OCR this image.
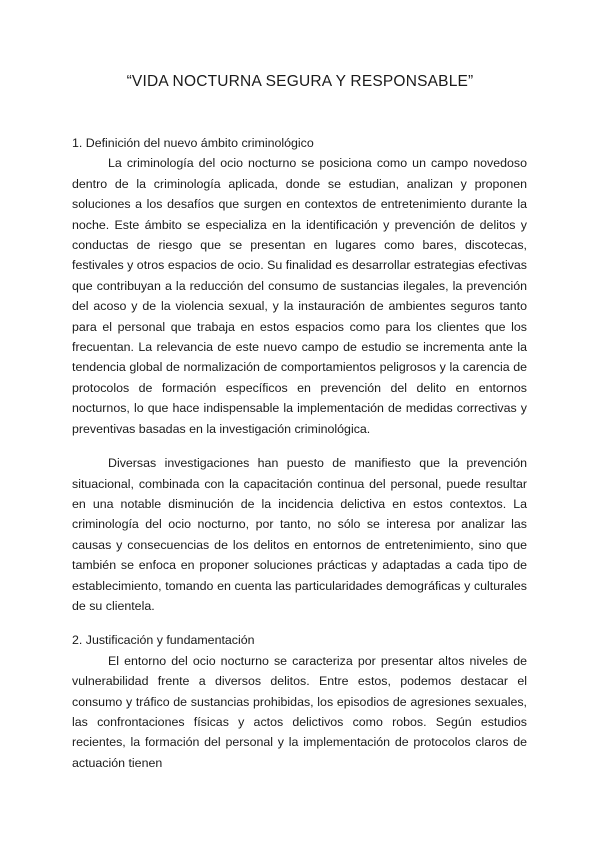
“VIDA NOCTURNA SEGURA Y RESPONSABLE”

1. Definición del nuevo ámbito criminológico

La criminología del ocio nocturno se posiciona como un campo novedoso dentro de la criminología aplicada, donde se estudian, analizan y proponen soluciones a los desafíos que surgen en contextos de entretenimiento durante la noche. Este ámbito se especializa en la identificación y prevención de delitos y conductas de riesgo que se presentan en lugares como bares, discotecas, festivales y otros espacios de ocio. Su finalidad es desarrollar estrategias efectivas que contribuyan a la reducción del consumo de sustancias ilegales, la prevención del acoso y de la violencia sexual, y la instauración de ambientes seguros tanto para el personal que trabaja en estos espacios como para los clientes que los frecuentan. La relevancia de este nuevo campo de estudio se incrementa ante la tendencia global de normalización de comportamientos peligrosos y la carencia de protocolos de formación específicos en prevención del delito en entornos nocturnos, lo que hace indispensable la implementación de medidas correctivas y preventivas basadas en la investigación criminológica.

Diversas investigaciones han puesto de manifiesto que la prevención situacional, combinada con la capacitación continua del personal, puede resultar en una notable disminución de la incidencia delictiva en estos contextos. La criminología del ocio nocturno, por tanto, no sólo se interesa por analizar las causas y consecuencias de los delitos en entornos de entretenimiento, sino que también se enfoca en proponer soluciones prácticas y adaptadas a cada tipo de establecimiento, tomando en cuenta las particularidades demográficas y culturales de su clientela.

2. Justificación y fundamentación

El entorno del ocio nocturno se caracteriza por presentar altos niveles de vulnerabilidad frente a diversos delitos. Entre estos, podemos destacar el consumo y tráfico de sustancias prohibidas, los episodios de agresiones sexuales, las confrontaciones físicas y actos delictivos como robos. Según estudios recientes, la formación del personal y la implementación de protocolos claros de actuación tienen
